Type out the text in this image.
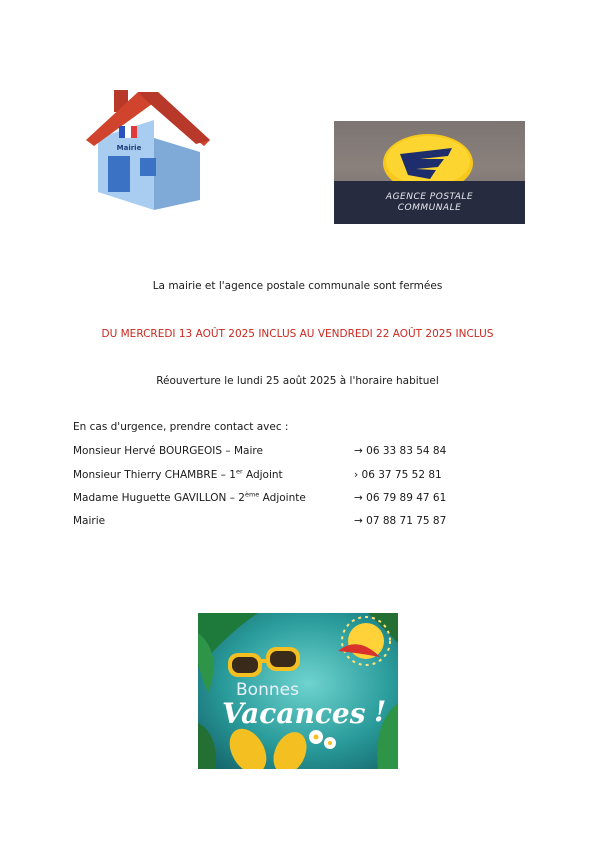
Mairie
AGENCE POSTALE
COMMUNALE
La mairie et l'agence postale communale sont fermées
DU MERCREDI 13 AOÛT 2025 INCLUS AU VENDREDI 22 AOÛT 2025 INCLUS
Réouverture le lundi 25 août 2025 à l'horaire habituel
En cas d'urgence, prendre contact avec :
Monsieur Hervé BOURGEOIS – Maire	→ 06 33 83 54 84
Monsieur Thierry CHAMBRE – 1er Adjoint	› 06 37 75 52 81
Madame Huguette GAVILLON – 2ème Adjointe	→ 06 79 89 47 61
Mairie	→ 07 88 71 75 87
Bonnes
Vacances !
